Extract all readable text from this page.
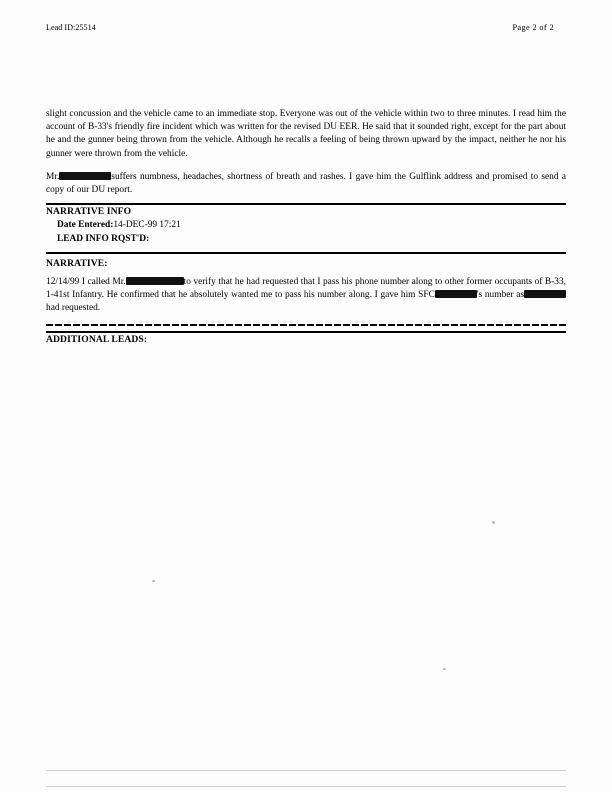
Lead ID:25514	Page 2 of 2

slight concussion and the vehicle came to an immediate stop. Everyone was out of the vehicle within two to three minutes. I read him the account of B-33's friendly fire incident which was written for the revised DU EER. He said that it sounded right, except for the part about he and the gunner being thrown from the vehicle. Although he recalls a feeling of being thrown upward by the impact, neither he nor his gunner were thrown from the vehicle.

Mr.	suffers numbness, headaches, shortness of breath and rashes. I gave him the Gulflink address and promised to send a copy of our DU report.

NARRATIVE INFO
Date Entered:14-DEC-99 17:21
LEAD INFO RQST'D:
NARRATIVE:

12/14/99 I called Mr.	to verify that he had requested that I pass his phone number along to other former occupants of B-33, 1-41st Infantry. He confirmed that he absolutely wanted me to pass his number along. I gave him SFC	's number ashad requested.

ADDITIONAL LEADS:
